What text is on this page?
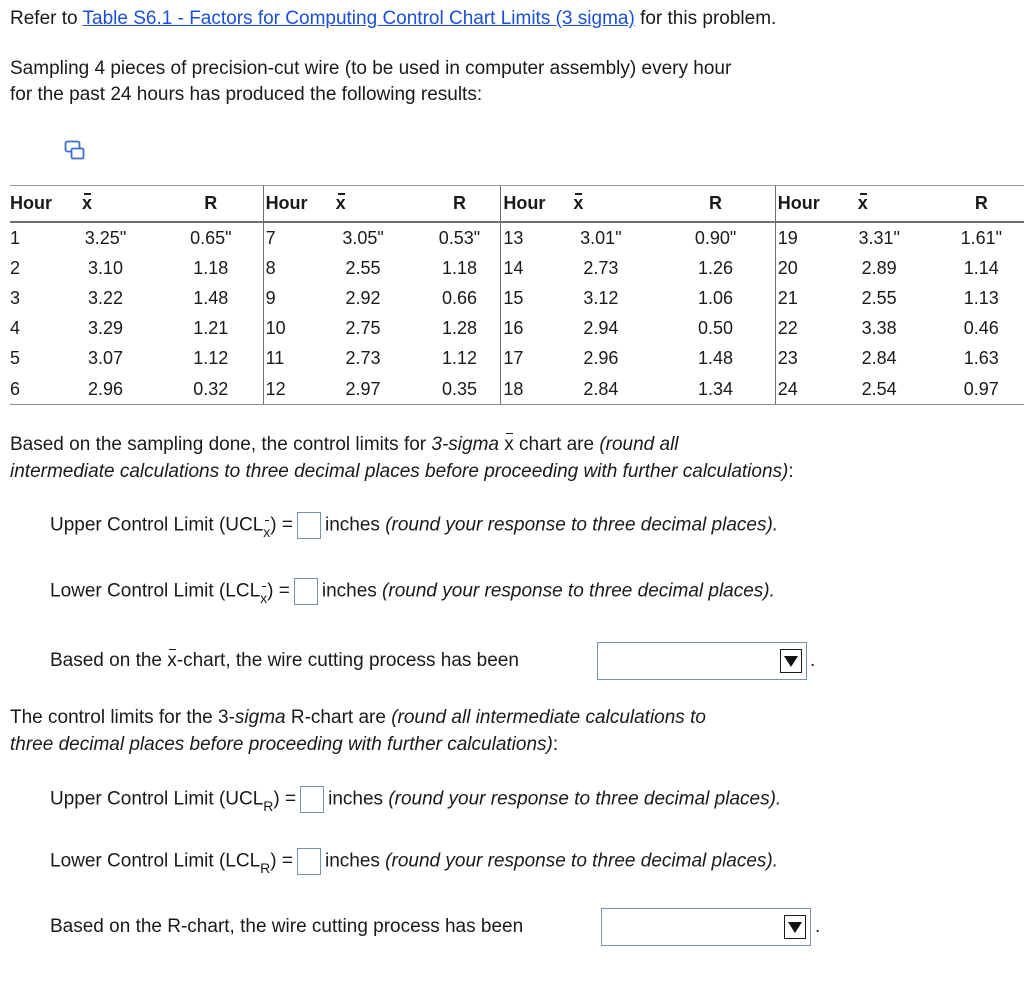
Refer to Table S6.1 - Factors for Computing Control Chart Limits (3 sigma) for this problem.

Sampling 4 pieces of precision-cut wire (to be used in computer assembly) every hour

for the past 24 hours has produced the following results:

Hour	x	R	Hour	x	R	Hour	x	R	Hour	x	R
1	3.25"	0.65"	7	3.05"	0.53"	13	3.01"	0.90"	19	3.31"	1.61"
2	3.10	1.18	8	2.55	1.18	14	2.73	1.26	20	2.89	1.14
3	3.22	1.48	9	2.92	0.66	15	3.12	1.06	21	2.55	1.13
4	3.29	1.21	10	2.75	1.28	16	2.94	0.50	22	3.38	0.46
5	3.07	1.12	11	2.73	1.12	17	2.96	1.48	23	2.84	1.63
6	2.96	0.32	12	2.97	0.35	18	2.84	1.34	24	2.54	0.97

Based on the sampling done, the control limits for 3-sigma x chart are (round all

intermediate calculations to three decimal places before proceeding with further calculations):

Upper Control Limit $(UCL_x)$ = inches (round your response to three decimal places).

Lower Control Limit $(LCL_x)$ = inches (round your response to three decimal places).

Based on the x-chart, the wire cutting process has been	.

The control limits for the 3-sigma R-chart are (round all intermediate calculations to

three decimal places before proceeding with further calculations):

Upper Control Limit $(UCL_R)$ = inches (round your response to three decimal places).

Lower Control Limit $(LCL_R)$ = inches (round your response to three decimal places).

Based on the R-chart, the wire cutting process has been	.
